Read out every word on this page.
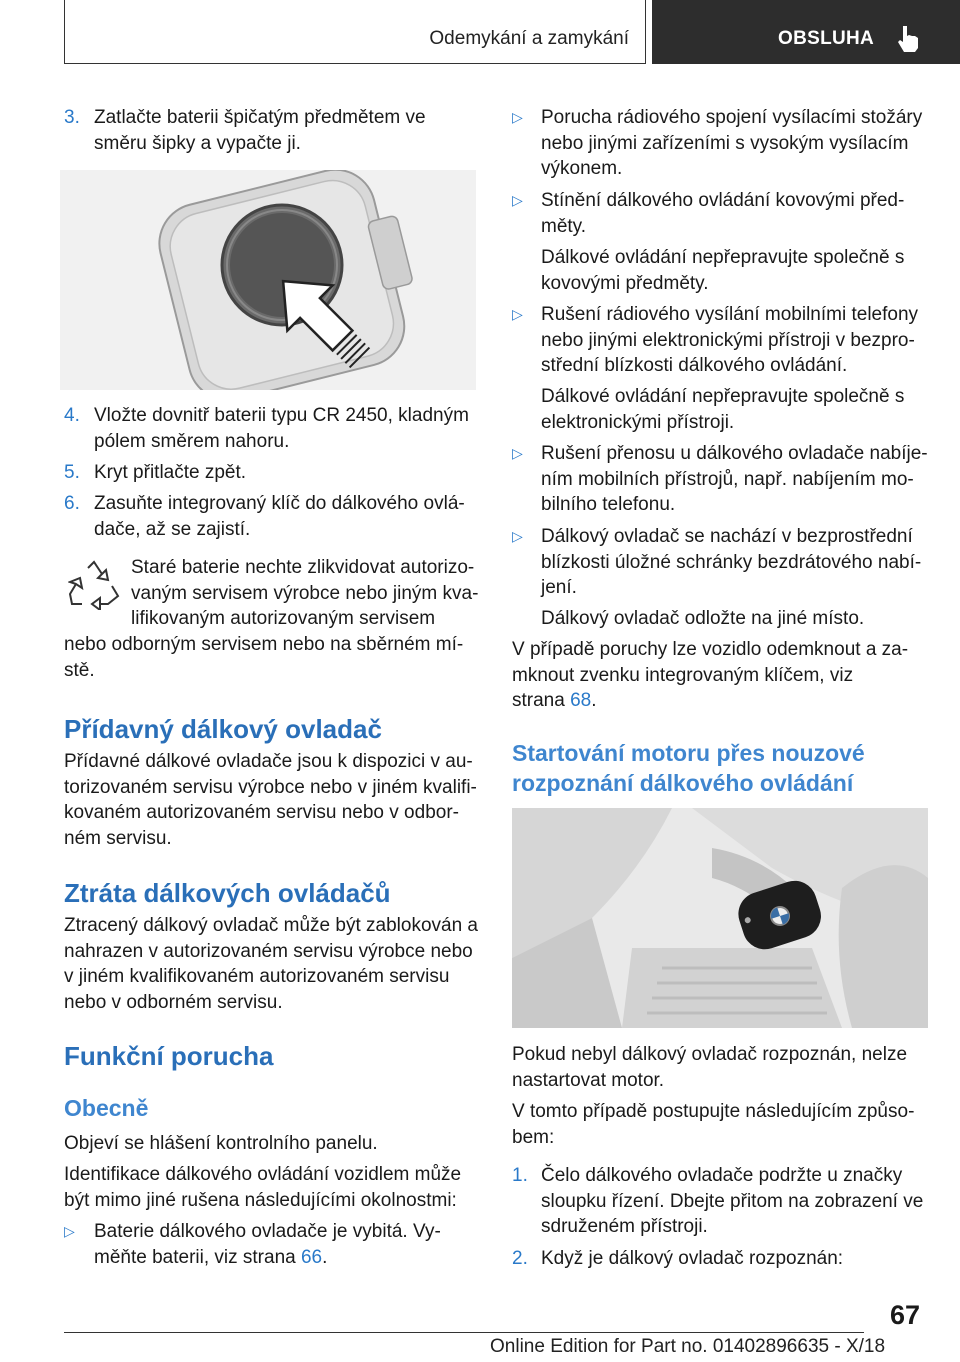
Odemykání a zamykání	OBSLUHA
3. Zatlačte baterii špičatým předmětem ve
směru šipky a vypačte ji.
4. Vložte dovnitř baterii typu CR 2450, kladným
pólem směrem nahoru.
5. Kryt přitlačte zpět.
6. Zasuňte integrovaný klíč do dálkového ovlá-
dače, až se zajistí.
Staré baterie nechte zlikvidovat autorizo-
vaným servisem výrobce nebo jiným kva-
lifikovaným autorizovaným servisem
nebo odborným servisem nebo na sběrném mí-
stě.
Přídavný dálkový ovladač
Přídavné dálkové ovladače jsou k dispozici v au-
torizovaném servisu výrobce nebo v jiném kvalifi-
kovaném autorizovaném servisu nebo v odbor-
ném servisu.
Ztráta dálkových ovládačů
Ztracený dálkový ovladač může být zablokován a
nahrazen v autorizovaném servisu výrobce nebo
v jiném kvalifikovaném autorizovaném servisu
nebo v odborném servisu.
Funkční porucha
Obecně
Objeví se hlášení kontrolního panelu.
Identifikace dálkového ovládání vozidlem může
být mimo jiné rušena následujícími okolnostmi:
▷ Baterie dálkového ovladače je vybitá. Vy-
měňte baterii, viz strana 66.
▷ Porucha rádiového spojení vysílacími stožáry
nebo jinými zařízeními s vysokým vysílacím
výkonem.
▷ Stínění dálkového ovládání kovovými před-
měty.
Dálkové ovládání nepřepravujte společně s
kovovými předměty.
▷ Rušení rádiového vysílání mobilními telefony
nebo jinými elektronickými přístroji v bezpro-
střední blízkosti dálkového ovládání.
Dálkové ovládání nepřepravujte společně s
elektronickými přístroji.
▷ Rušení přenosu u dálkového ovladače nabíje-
ním mobilních přístrojů, např. nabíjením mo-
bilního telefonu.
▷ Dálkový ovladač se nachází v bezprostřední
blízkosti úložné schránky bezdrátového nabí-
jení.
Dálkový ovladač odložte na jiné místo.
V případě poruchy lze vozidlo odemknout a za-
mknout zvenku integrovaným klíčem, viz
strana 68.
Startování motoru přes nouzové
rozpoznání dálkového ovládání
Pokud nebyl dálkový ovladač rozpoznán, nelze
nastartovat motor.
V tomto případě postupujte následujícím způso-
bem:
1. Čelo dálkového ovladače podržte u značky
sloupku řízení. Dbejte přitom na zobrazení ve
sdruženém přístroji.
2. Když je dálkový ovladač rozpoznán:
67
Online Edition for Part no. 01402896635 - X/18
